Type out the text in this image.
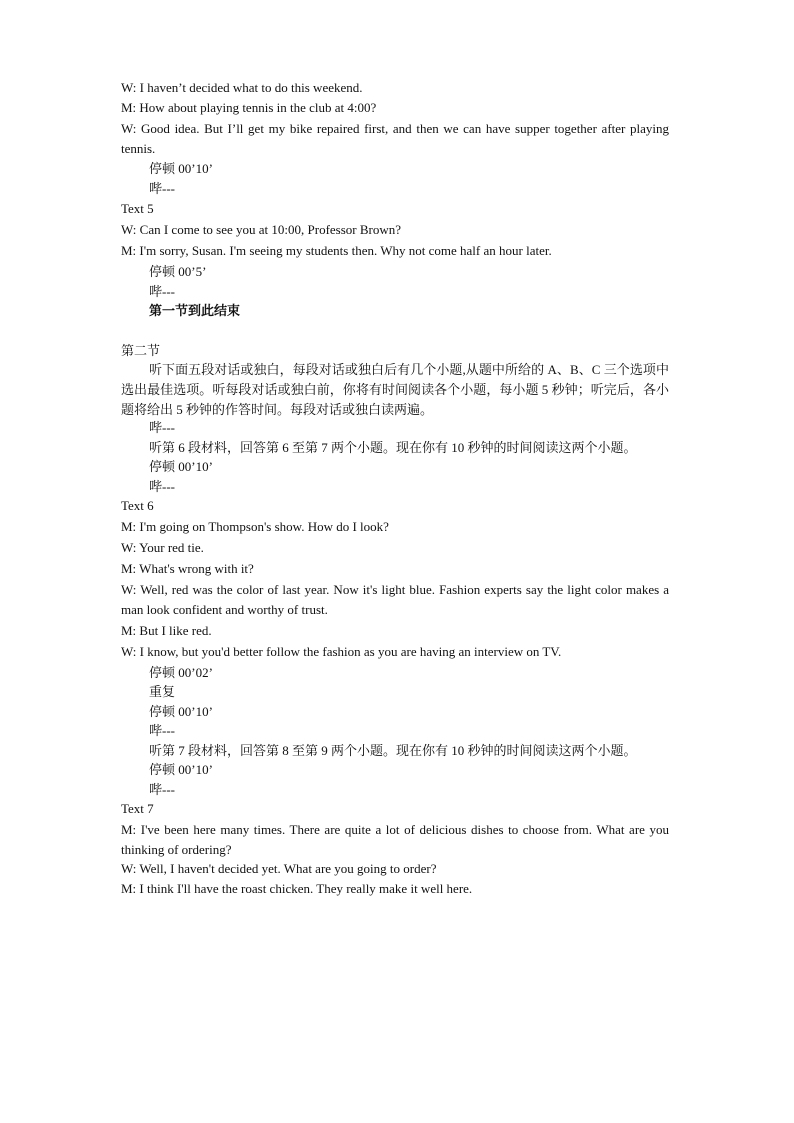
W: I haven’t decided what to do this weekend.
M: How about playing tennis in the club at 4:00?
W: Good idea. But I’ll get my bike repaired first, and then we can have supper together after playing tennis.
停顿 00’10’
哔---
Text 5
W: Can I come to see you at 10:00, Professor Brown?
M: I'm sorry, Susan. I'm seeing my students then. Why not come half an hour later.
停顿 00’5’
哔---
第一节到此结束
第二节
听下面五段对话或独白，每段对话或独白后有几个小题,从题中所给的 A、B、C 三个选项中选出最佳选项。听每段对话或独白前，你将有时间阅读各个小题，每小题 5 秒钟；听完后，各小题将给出 5 秒钟的作答时间。每段对话或独白读两遍。
哔---
听第 6 段材料，回答第 6 至第 7 两个小题。现在你有 10 秒钟的时间阅读这两个小题。
停顿 00’10’
哔---
Text 6
M: I'm going on Thompson's show. How do I look?
W: Your red tie.
M: What's wrong with it?
W: Well, red was the color of last year. Now it's light blue. Fashion experts say the light color makes a man look confident and worthy of trust.
M: But I like red.
W: I know, but you'd better follow the fashion as you are having an interview on TV.
停顿 00’02’
重复
停顿 00’10’
哔---
听第 7 段材料，回答第 8 至第 9 两个小题。现在你有 10 秒钟的时间阅读这两个小题。
停顿 00’10’
哔---
Text 7
M: I've been here many times. There are quite a lot of delicious dishes to choose from. What are you thinking of ordering?
W: Well, I haven't decided yet. What are you going to order?
M: I think I'll have the roast chicken. They really make it well here.
